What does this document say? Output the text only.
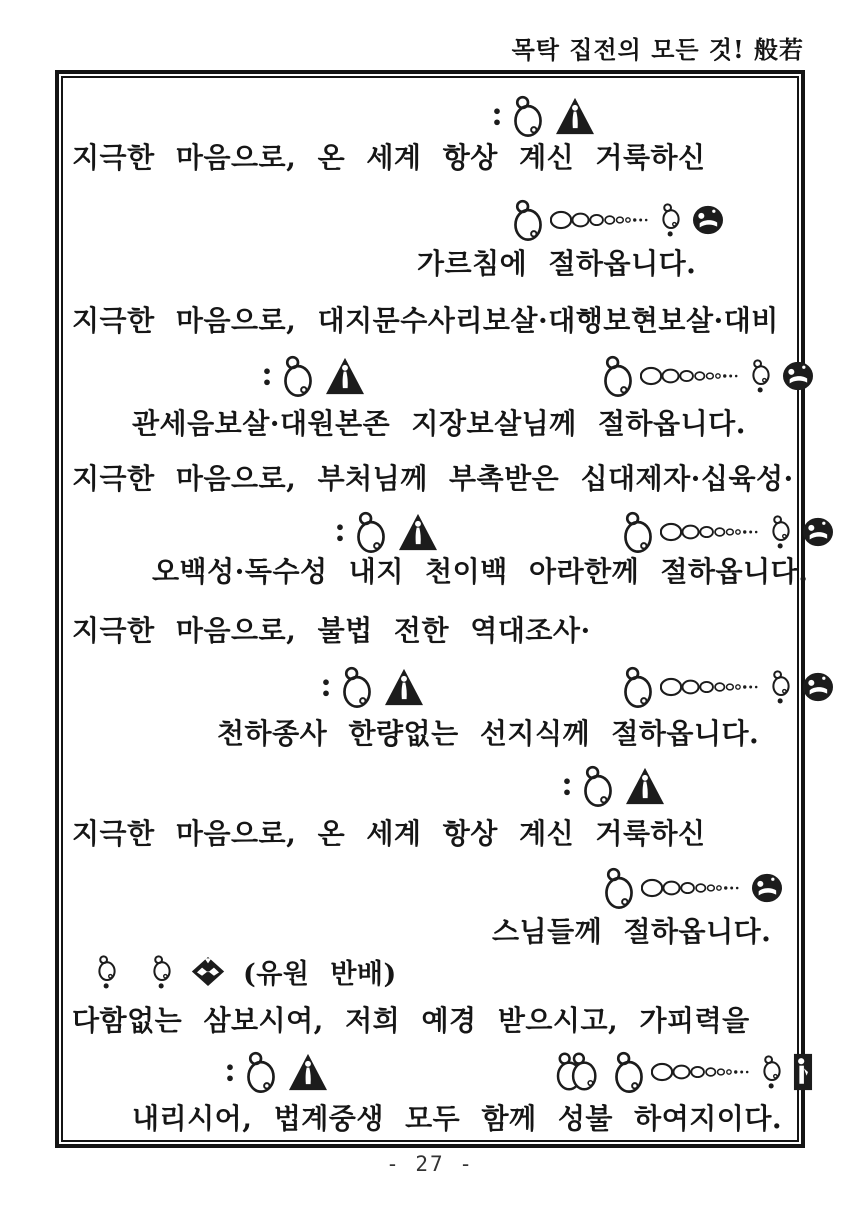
목탁 집전의 모든 것! 般若
지극한 마음으로, 온 세계 항상 계신 거룩하신
가르침에 절하옵니다.
지극한 마음으로, 대지문수사리보살·대행보현보살·대비
관세음보살·대원본존 지장보살님께 절하옵니다.
지극한 마음으로, 부처님께 부촉받은 십대제자·십육성·
오백성·독수성 내지 천이백 아라한께 절하옵니다.
지극한 마음으로, 불법 전한 역대조사·
천하종사 한량없는 선지식께 절하옵니다.
지극한 마음으로, 온 세계 항상 계신 거룩하신
스님들께 절하옵니다.
(유원 반배)
다함없는 삼보시여, 저희 예경 받으시고, 가피력을
내리시어, 법계중생 모두 함께 성불 하여지이다.
- 27 -
